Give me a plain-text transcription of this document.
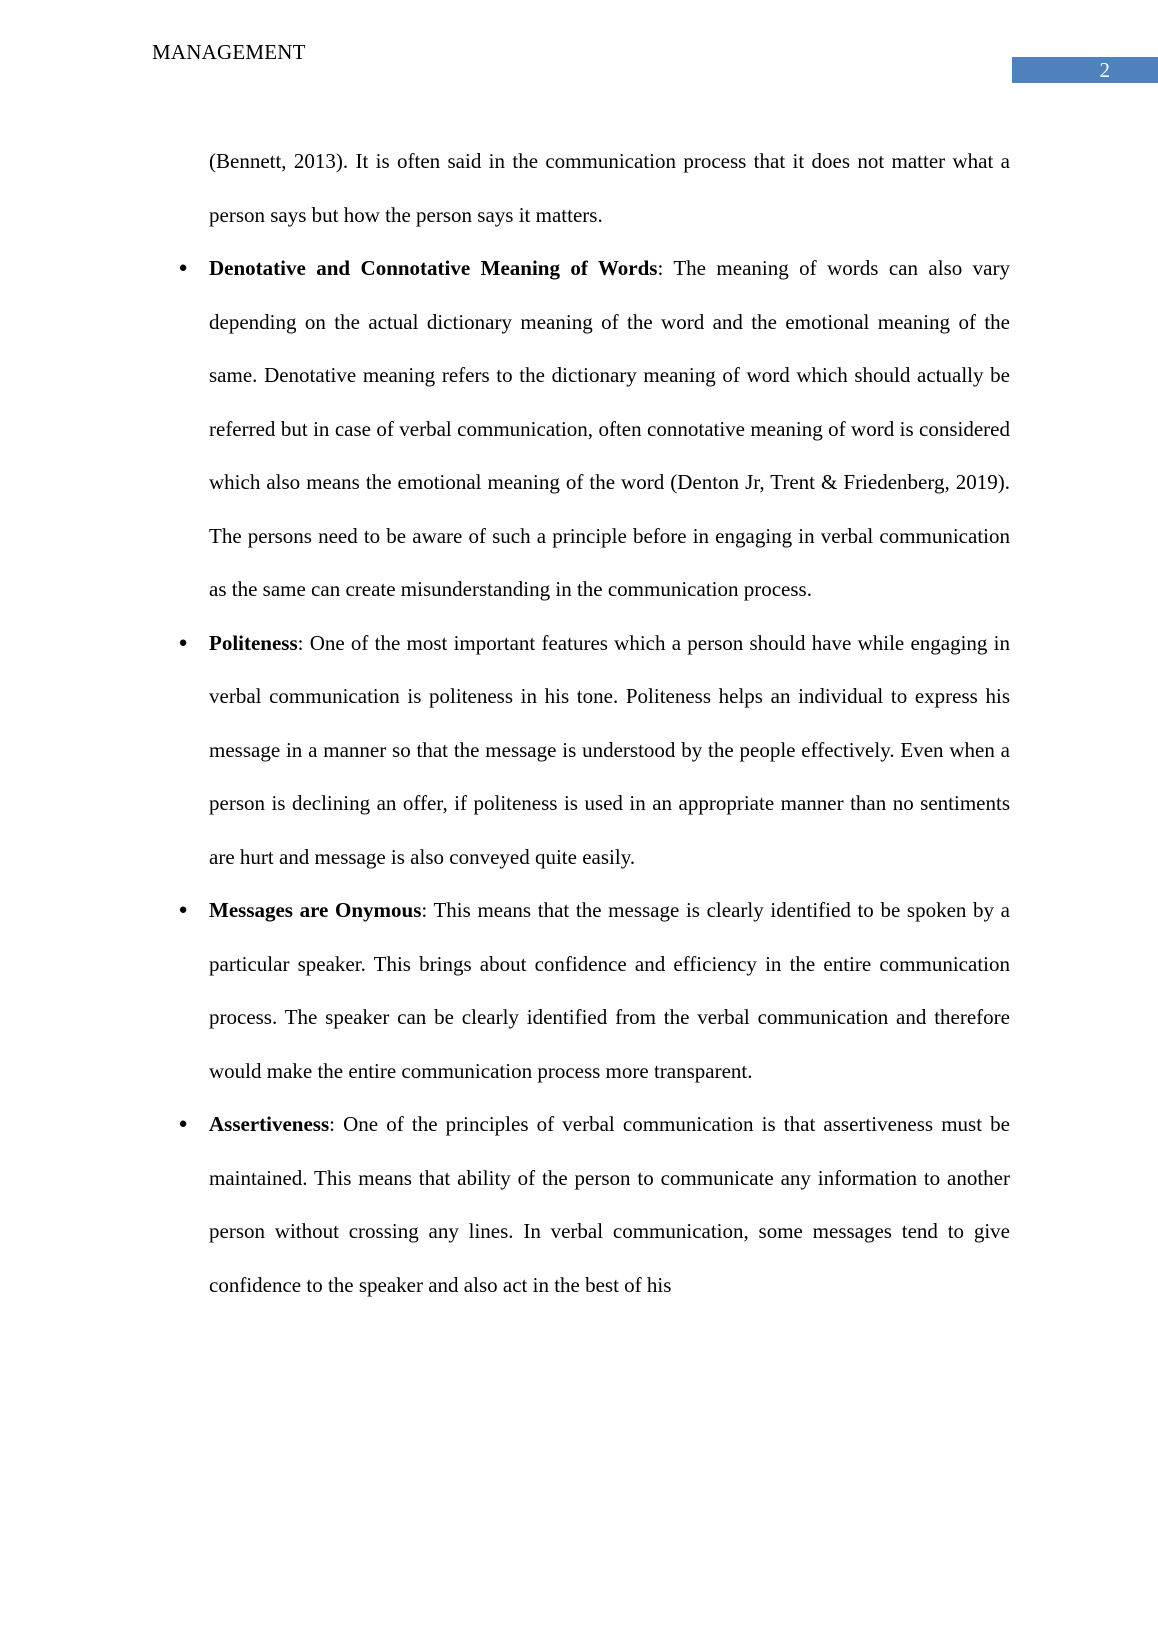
MANAGEMENT
2

(Bennett, 2013). It is often said in the communication process that it does not matter what a person says but how the person says it matters.

● Denotative and Connotative Meaning of Words: The meaning of words can also vary depending on the actual dictionary meaning of the word and the emotional meaning of the same. Denotative meaning refers to the dictionary meaning of word which should actually be referred but in case of verbal communication, often connotative meaning of word is considered which also means the emotional meaning of the word (Denton Jr, Trent & Friedenberg, 2019). The persons need to be aware of such a principle before in engaging in verbal communication as the same can create misunderstanding in the communication process.
● Politeness: One of the most important features which a person should have while engaging in verbal communication is politeness in his tone. Politeness helps an individual to express his message in a manner so that the message is understood by the people effectively. Even when a person is declining an offer, if politeness is used in an appropriate manner than no sentiments are hurt and message is also conveyed quite easily.
● Messages are Onymous: This means that the message is clearly identified to be spoken by a particular speaker. This brings about confidence and efficiency in the entire communication process. The speaker can be clearly identified from the verbal communication and therefore would make the entire communication process more transparent.
● Assertiveness: One of the principles of verbal communication is that assertiveness must be maintained. This means that ability of the person to communicate any information to another person without crossing any lines. In verbal communication, some messages tend to give confidence to the speaker and also act in the best of his
